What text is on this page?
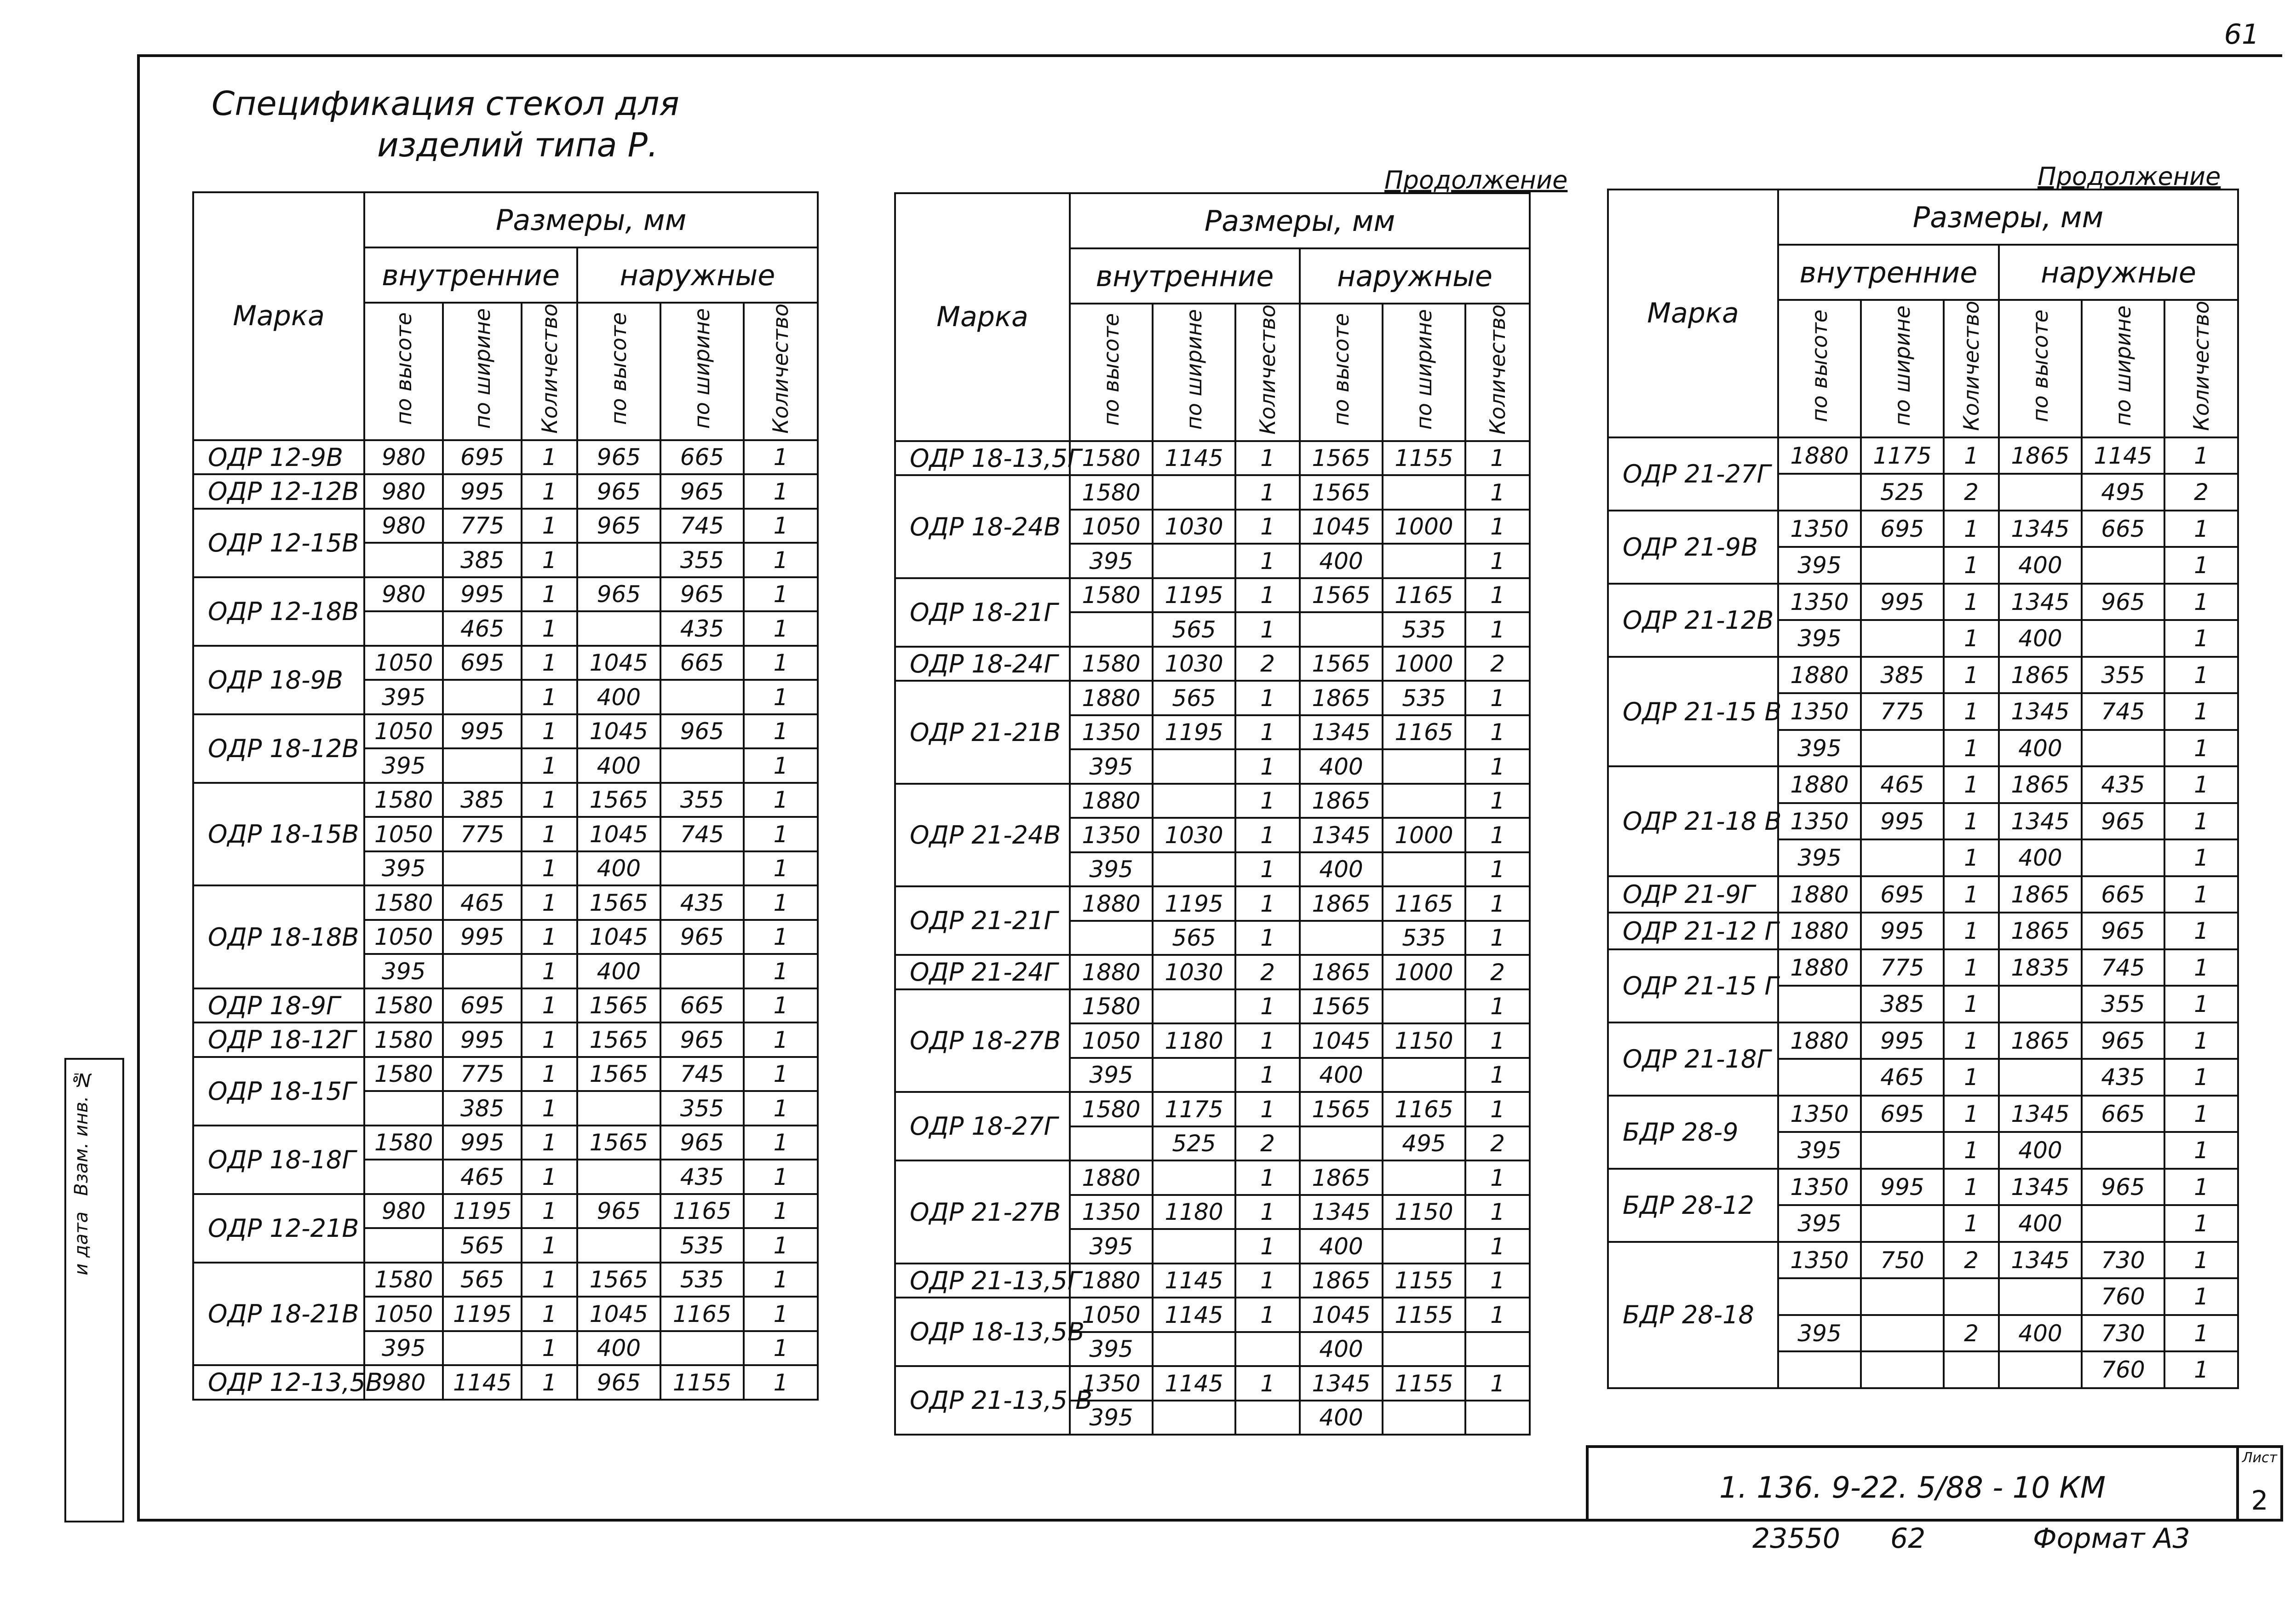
Взам. инв. №
и дата
61
Спецификация стекол для
изделий типа Р.
Продолжение	Продолжение
Марка	Размеры, мм					
	внутренние			наружные		
	по высоте	по ширине	Количество	по высоте	по ширине	Количество
ОДР 12-9В	980	695	1	965	665	1
ОДР 12-12В	980	995	1	965	965	1
ОДР 12-15В	980	775	1	965	745	1
		385	1		355	1
ОДР 12-18В	980	995	1	965	965	1
		465	1		435	1
ОДР 18-9В	1050	695	1	1045	665	1
	395		1	400		1
ОДР 18-12В	1050	995	1	1045	965	1
	395		1	400		1
ОДР 18-15В	1580	385	1	1565	355	1
	1050	775	1	1045	745	1
	395		1	400		1
ОДР 18-18В	1580	465	1	1565	435	1
	1050	995	1	1045	965	1
	395		1	400		1
ОДР 18-9Г	1580	695	1	1565	665	1
ОДР 18-12Г	1580	995	1	1565	965	1
ОДР 18-15Г	1580	775	1	1565	745	1
		385	1		355	1
ОДР 18-18Г	1580	995	1	1565	965	1
		465	1		435	1
ОДР 12-21В	980	1195	1	965	1165	1
		565	1		535	1
ОДР 18-21В	1580	565	1	1565	535	1
	1050	1195	1	1045	1165	1
	395		1	400		1
ОДР 12-13,5В	980	1145	1	965	1155	1
Марка	Размеры, мм					
	внутренние			наружные		
	по высоте	по ширине	Количество	по высоте	по ширине	Количество
ОДР 18-13,5Г	1580	1145	1	1565	1155	1
ОДР 18-24В	1580		1	1565		1
	1050	1030	1	1045	1000	1
	395		1	400		1
ОДР 18-21Г	1580	1195	1	1565	1165	1
		565	1		535	1
ОДР 18-24Г	1580	1030	2	1565	1000	2
ОДР 21-21В	1880	565	1	1865	535	1
	1350	1195	1	1345	1165	1
	395		1	400		1
ОДР 21-24В	1880		1	1865		1
	1350	1030	1	1345	1000	1
	395		1	400		1
ОДР 21-21Г	1880	1195	1	1865	1165	1
		565	1		535	1
ОДР 21-24Г	1880	1030	2	1865	1000	2
ОДР 18-27В	1580		1	1565		1
	1050	1180	1	1045	1150	1
	395		1	400		1
ОДР 18-27Г	1580	1175	1	1565	1165	1
		525	2		495	2
ОДР 21-27В	1880		1	1865		1
	1350	1180	1	1345	1150	1
	395		1	400		1
ОДР 21-13,5Г	1880	1145	1	1865	1155	1
ОДР 18-13,5В	1050	1145	1	1045	1155	1
	395			400		
ОДР 21-13,5 В	1350	1145	1	1345	1155	1
	395			400		
Марка	Размеры, мм					
	внутренние			наружные		
	по высоте	по ширине	Количество	по высоте	по ширине	Количество
ОДР 21-27Г	1880	1175	1	1865	1145	1
		525	2		495	2
ОДР 21-9В	1350	695	1	1345	665	1
	395		1	400		1
ОДР 21-12В	1350	995	1	1345	965	1
	395		1	400		1
ОДР 21-15 В	1880	385	1	1865	355	1
	1350	775	1	1345	745	1
	395		1	400		1
ОДР 21-18 В	1880	465	1	1865	435	1
	1350	995	1	1345	965	1
	395		1	400		1
ОДР 21-9Г	1880	695	1	1865	665	1
ОДР 21-12 Г	1880	995	1	1865	965	1
ОДР 21-15 Г	1880	775	1	1835	745	1
		385	1		355	1
ОДР 21-18Г	1880	995	1	1865	965	1
		465	1		435	1
БДР 28-9	1350	695	1	1345	665	1
	395		1	400		1
БДР 28-12	1350	995	1	1345	965	1
	395		1	400		1
БДР 28-18	1350	750	2	1345	730	1
					760	1
	395		2	400	730	1
					760	1
1. 136. 9-22. 5/88 - 10 КМ
Лист
2
23550 62	Формат А3
